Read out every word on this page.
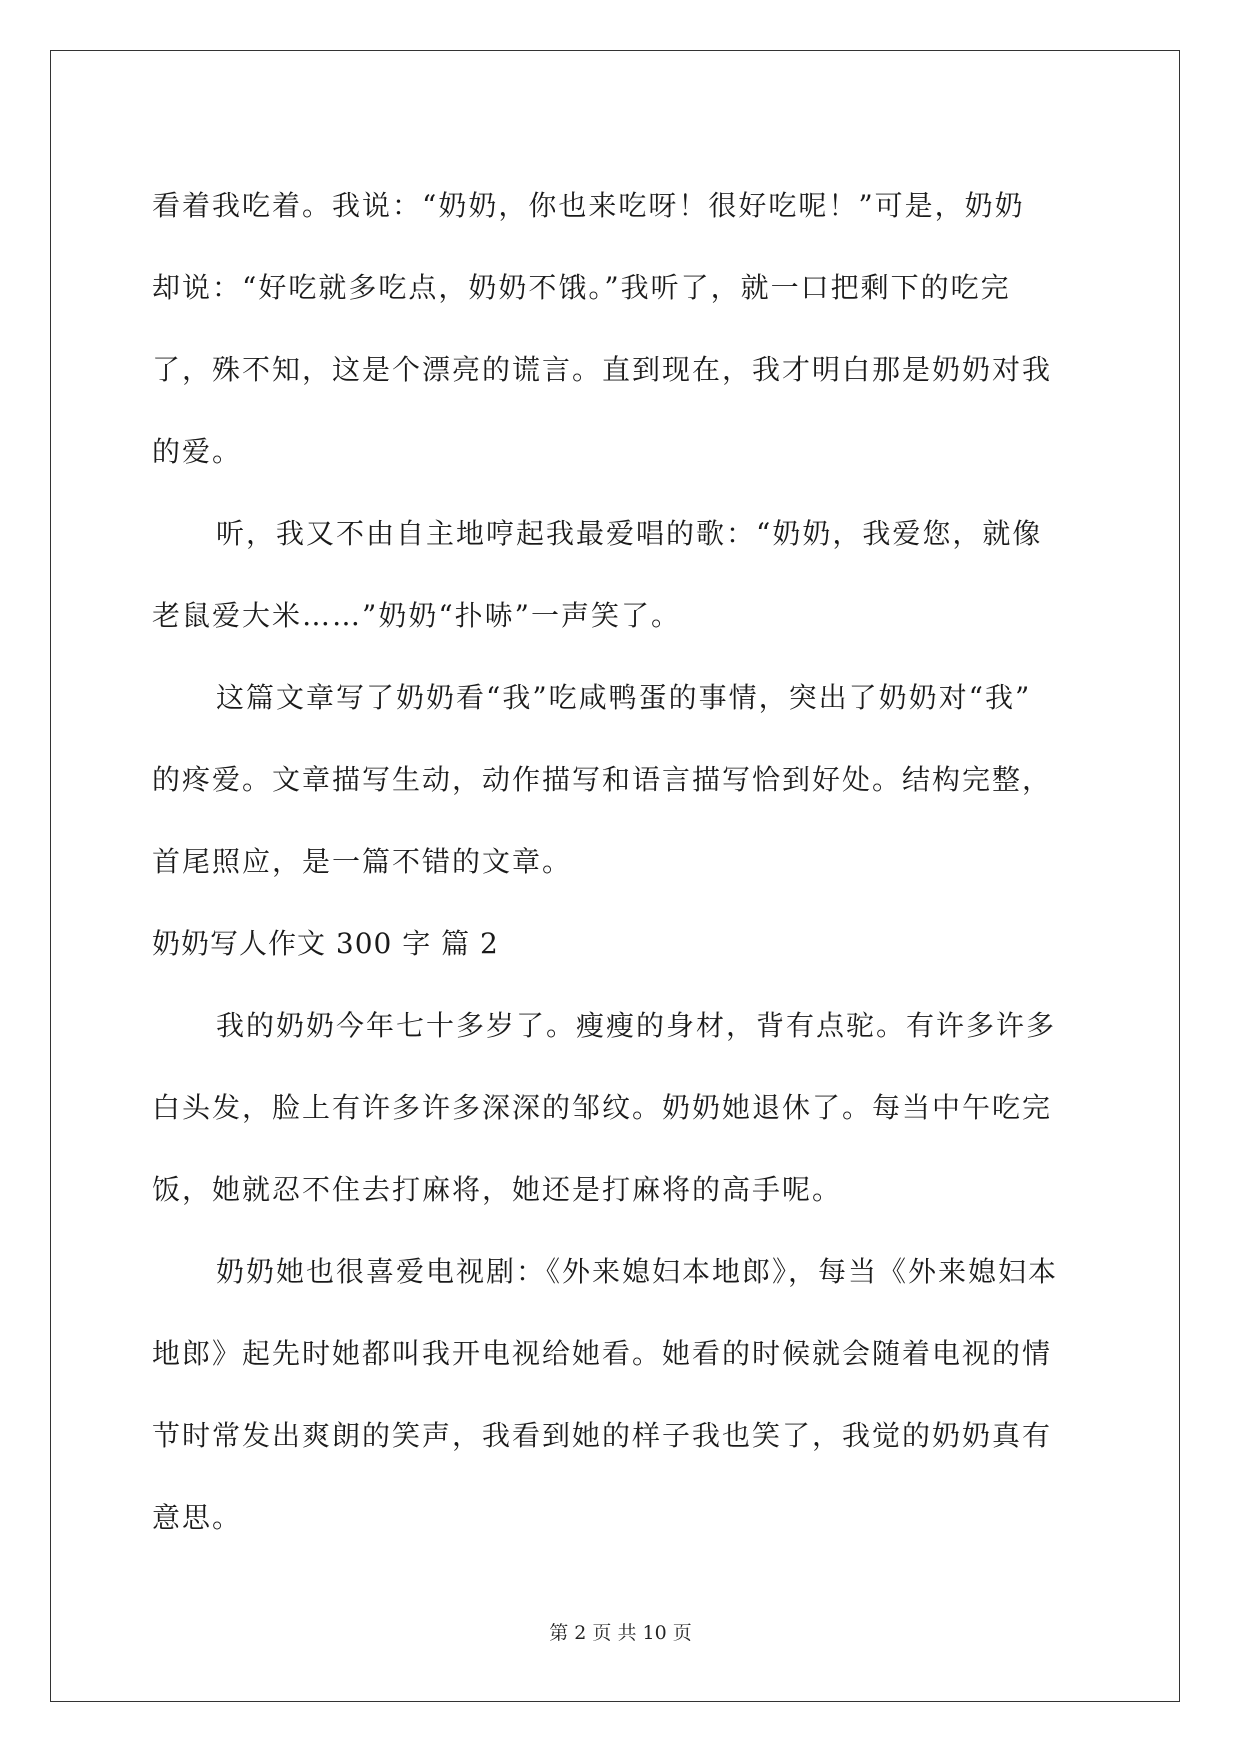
看着我吃着。我说：“奶奶，你也来吃呀！很好吃呢！”可是，奶奶
却说：“好吃就多吃点，奶奶不饿。”我听了，就一口把剩下的吃完
了，殊不知，这是个漂亮的谎言。直到现在，我才明白那是奶奶对我
的爱。
听，我又不由自主地哼起我最爱唱的歌：“奶奶，我爱您，就像
老鼠爱大米……”奶奶“扑哧”一声笑了。
这篇文章写了奶奶看“我”吃咸鸭蛋的事情，突出了奶奶对“我”
的疼爱。文章描写生动，动作描写和语言描写恰到好处。结构完整，
首尾照应，是一篇不错的文章。
奶奶写人作文 300 字 篇 2
我的奶奶今年七十多岁了。瘦瘦的身材，背有点驼。有许多许多
白头发，脸上有许多许多深深的邹纹。奶奶她退休了。每当中午吃完
饭，她就忍不住去打麻将，她还是打麻将的高手呢。
奶奶她也很喜爱电视剧：《外来媳妇本地郎》，每当《外来媳妇本
地郎》起先时她都叫我开电视给她看。她看的时候就会随着电视的情
节时常发出爽朗的笑声，我看到她的样子我也笑了，我觉的奶奶真有
意思。
第 2 页 共 10 页
